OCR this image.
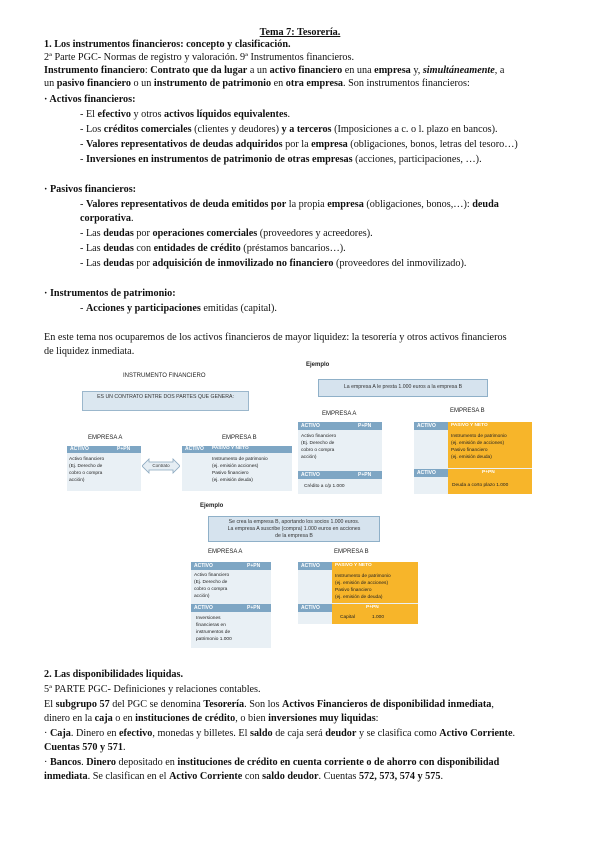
Tema 7: Tesorería.
1. Los instrumentos financieros: concepto y clasificación.
2ª Parte PGC- Normas de registro y valoración. 9ª Instrumentos financieros.
Instrumento financiero: Contrato que da lugar a un activo financiero en una empresa y, simultáneamente, a
un pasivo financiero o un instrumento de patrimonio en otra empresa. Son instrumentos financieros:
· Activos financieros:
- El efectivo y otros activos líquidos equivalentes.
- Los créditos comerciales (clientes y deudores) y a terceros (Imposiciones a c. o l. plazo en bancos).
- Valores representativos de deudas adquiridos por la empresa (obligaciones, bonos, letras del tesoro…)
- Inversiones en instrumentos de patrimonio de otras empresas (acciones, participaciones, …).
· Pasivos financieros:
- Valores representativos de deuda emitidos por la propia empresa (obligaciones, bonos,…): deuda
corporativa.
- Las deudas por operaciones comerciales (proveedores y acreedores).
- Las deudas con entidades de crédito (préstamos bancarios…).
- Las deudas por adquisición de inmovilizado no financiero (proveedores del inmovilizado).
· Instrumentos de patrimonio:
- Acciones y participaciones emitidas (capital).
En este tema nos ocuparemos de los activos financieros de mayor liquidez: la tesorería y otros activos financieros
de liquidez inmediata.
INSTRUMENTO FINANCIERO
ES UN CONTRATO ENTRE DOS PARTES QUE GENERA:
EMPRESA A	EMPRESA B
ACTIVO	P+PN
Activo financiero
(Ej. Derecho de
cobro o compra
acción)
Contrato
ACTIVO PASIVO Y NETO
Instrumento de patrimonio
(ej. emisión acciones)
Pasivo financiero
(ej. emisión deuda)
Ejemplo
La empresa A le presta 1.000 euros a la empresa B
EMPRESA A	EMPRESA B
ACTIVO	P+PN
Activo financiero
(Ej. Derecho de
cobro o compra
acción)
ACTIVO	P+PN
Crédito a c/p 1.000
ACTIVO	PASIVO Y NETO
Instrumento de patrimonio
(ej. emisión de acciones)
Pasivo financiero
(ej. emisión deuda)
ACTIVO	P+PN
Deuda a corto plazo 1.000
Ejemplo
Se crea la empresa B, aportando los socios 1.000 euros.
La empresa A suscribe (compra) 1.000 euros en acciones
de la empresa B
EMPRESA A	EMPRESA B
ACTIVO	P+PN
Activo financiero
(Ej. Derecho de
cobro o compra
acción)
ACTIVO	P+PN
Inversiones
financieras en
instrumentos de
patrimonio 1.000
ACTIVO	PASIVO Y NETO
Instrumento de patrimonio
(ej. emisión de acciones)
Pasivo financiero
(ej. emisión de deuda)
ACTIVO	P+PN
Capital	1.000
2. Las disponibilidades liquidas.
5ª PARTE PGC- Definiciones y relaciones contables.
El subgrupo 57 del PGC se denomina Tesorería. Son los Activos Financieros de disponibilidad inmediata,
dinero en la caja o en instituciones de crédito, o bien inversiones muy liquidas:
· Caja. Dinero en efectivo, monedas y billetes. El saldo de caja será deudor y se clasifica como Activo Corriente.
Cuentas 570 y 571.
· Bancos. Dinero depositado en instituciones de crédito en cuenta corriente o de ahorro con disponibilidad
inmediata. Se clasifican en el Activo Corriente con saldo deudor. Cuentas 572, 573, 574 y 575.
